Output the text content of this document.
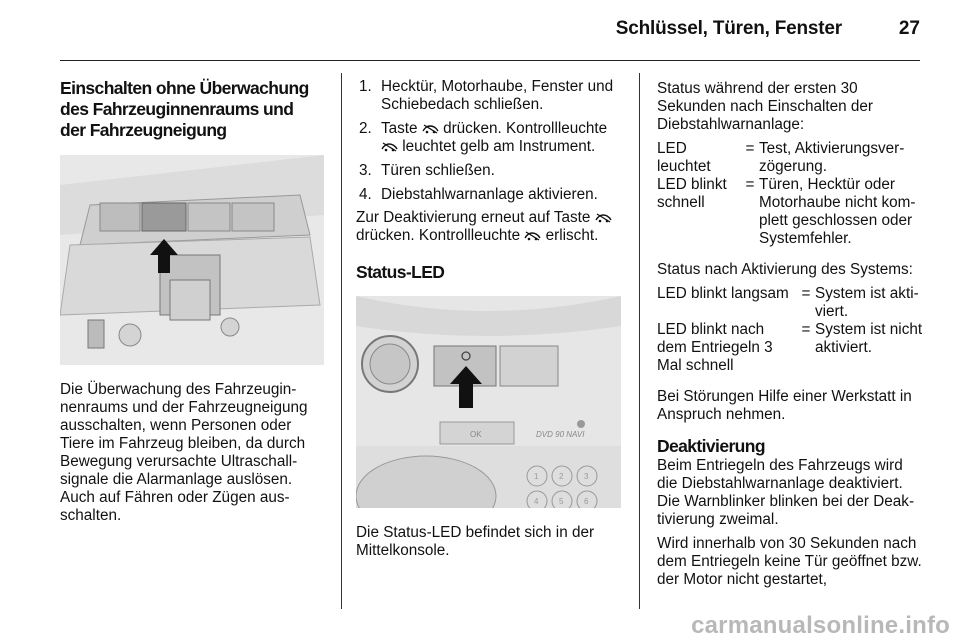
Schlüssel, Türen, Fenster	27
Einschalten ohne Überwachung
des Fahrzeuginnenraums und
der Fahrzeugneigung

Die Überwachung des Fahrzeuginnenraums und der Fahrzeugneigung ausschalten, wenn Personen oder Tiere im Fahrzeug bleiben, da durch Bewegung verursachte Ultraschallsignale die Alarmanlage auslösen. Auch auf Fähren oder Zügen ausschalten.

1. Hecktür, Motorhaube, Fenster und Schiebedach schließen.
2. Taste drücken. Kontrollleuchte  leuchtet gelb am Instrument.
3. Türen schließen.
4. Diebstahlwarnanlage aktivieren.

Zur Deaktivierung erneut auf Taste  drücken. Kontrollleuchte erlischt.

Status-LED
OK	DVD 90 NAVI
1	2	3
4	5	6

Die Status-LED befindet sich in der Mittelkonsole.

Status während der ersten 30 Sekunden nach Einschalten der Diebstahlwarnanlage:

LED leuchtet
= Test, Aktivierungsverzögerung.
LED blinkt schnell
= Türen, Hecktür oder Motorhaube nicht komplett geschlossen oder Systemfehler.

Status nach Aktivierung des Systems:

LED blinkt langsam = System ist aktiviert.
LED blinkt nach dem Entriegeln 3 Mal schnell
= System ist nicht aktiviert.

Bei Störungen Hilfe einer Werkstatt in Anspruch nehmen.

Deaktivierung

Beim Entriegeln des Fahrzeugs wird die Diebstahlwarnanlage deaktiviert. Die Warnblinker blinken bei der Deaktivierung zweimal.

Wird innerhalb von 30 Sekunden nach dem Entriegeln keine Tür geöffnet bzw. der Motor nicht gestartet,

carmanualsonline.info
